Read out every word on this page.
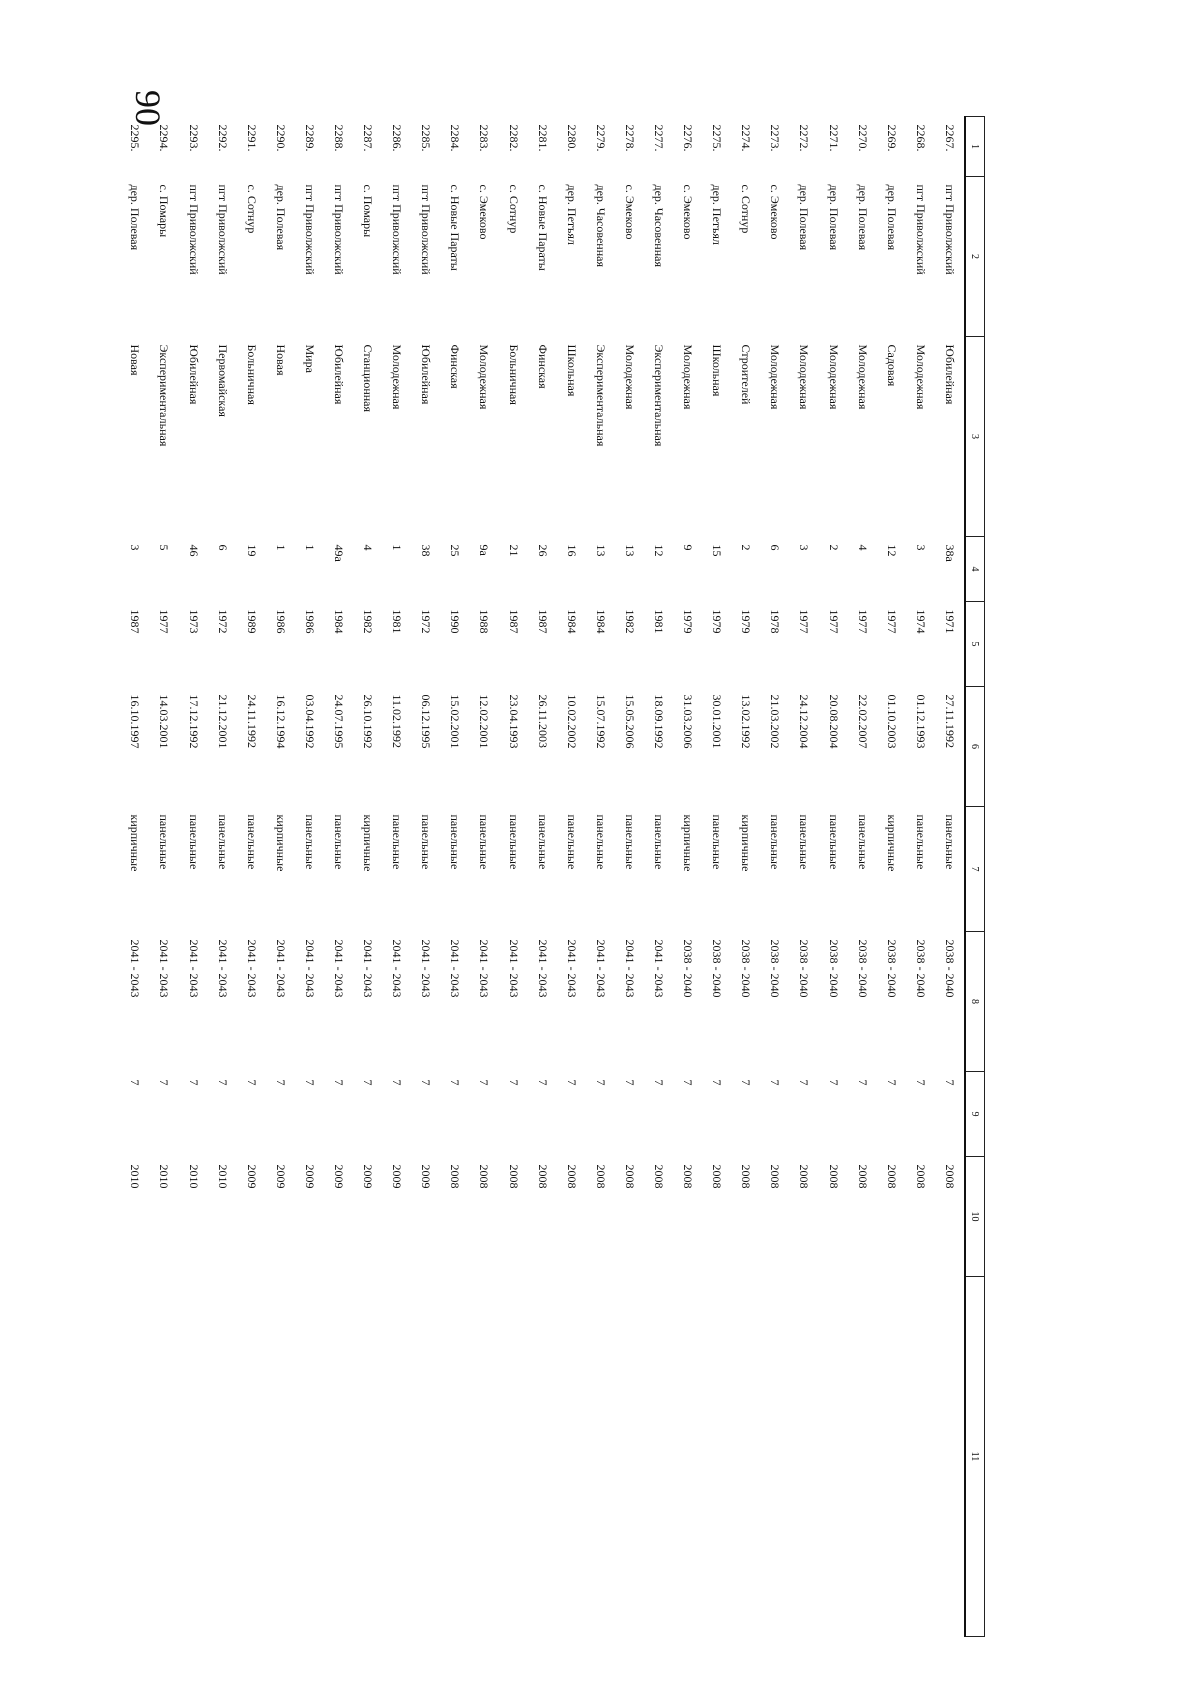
90
1	2	3	4	5	6	7	8	9	10	11
2267.	пгт Приволжский	Юбилейная	38а	1971	27.11.1992	панельные	2038 - 2040	7	2008	
2268.	пгт Приволжский	Молодежная	3	1974	01.12.1993	панельные	2038 - 2040	7	2008	
2269.	дер. Полевая	Садовая	12	1977	01.10.2003	кирпичные	2038 - 2040	7	2008	
2270.	дер. Полевая	Молодежная	4	1977	22.02.2007	панельные	2038 - 2040	7	2008	
2271.	дер. Полевая	Молодежная	2	1977	20.08.2004	панельные	2038 - 2040	7	2008	
2272.	дер. Полевая	Молодежная	3	1977	24.12.2004	панельные	2038 - 2040	7	2008	
2273.	с. Эмеково	Молодежная	6	1978	21.03.2002	панельные	2038 - 2040	7	2008	
2274.	с. Сотнур	Строителей	2	1979	13.02.1992	кирпичные	2038 - 2040	7	2008	
2275.	дер. Петъял	Школьная	15	1979	30.01.2001	панельные	2038 - 2040	7	2008	
2276.	с. Эмеково	Молодежная	9	1979	31.03.2006	кирпичные	2038 - 2040	7	2008	
2277.	дер. Часовенная	Экспериментальная	12	1981	18.09.1992	панельные	2041 - 2043	7	2008	
2278.	с. Эмеково	Молодежная	13	1982	15.05.2006	панельные	2041 - 2043	7	2008	
2279.	дер. Часовенная	Экспериментальная	13	1984	15.07.1992	панельные	2041 - 2043	7	2008	
2280.	дер. Петъял	Школьная	16	1984	10.02.2002	панельные	2041 - 2043	7	2008	
2281.	с. Новые Параты	Финская	26	1987	26.11.2003	панельные	2041 - 2043	7	2008	
2282.	с. Сотнур	Больничная	21	1987	23.04.1993	панельные	2041 - 2043	7	2008	
2283.	с. Эмеково	Молодежная	9а	1988	12.02.2001	панельные	2041 - 2043	7	2008	
2284.	с. Новые Параты	Финская	25	1990	15.02.2001	панельные	2041 - 2043	7	2008	
2285.	пгт Приволжский	Юбилейная	38	1972	06.12.1995	панельные	2041 - 2043	7	2009	
2286.	пгт Приволжский	Молодежная	1	1981	11.02.1992	панельные	2041 - 2043	7	2009	
2287.	с. Помары	Станционная	4	1982	26.10.1992	кирпичные	2041 - 2043	7	2009	
2288.	пгт Приволжский	Юбилейная	49а	1984	24.07.1995	панельные	2041 - 2043	7	2009	
2289.	пгт Приволжский	Мира	1	1986	03.04.1992	панельные	2041 - 2043	7	2009	
2290.	дер. Полевая	Новая	1	1986	16.12.1994	кирпичные	2041 - 2043	7	2009	
2291.	с. Сотнур	Больничная	19	1989	24.11.1992	панельные	2041 - 2043	7	2009	
2292.	пгт Приволжский	Первомайская	6	1972	21.12.2001	панельные	2041 - 2043	7	2010	
2293.	пгт Приволжский	Юбилейная	46	1973	17.12.1992	панельные	2041 - 2043	7	2010	
2294.	с. Помары	Экспериментальная	5	1977	14.03.2001	панельные	2041 - 2043	7	2010	
2295.	дер. Полевая	Новая	3	1987	16.10.1997	кирпичные	2041 - 2043	7	2010	
